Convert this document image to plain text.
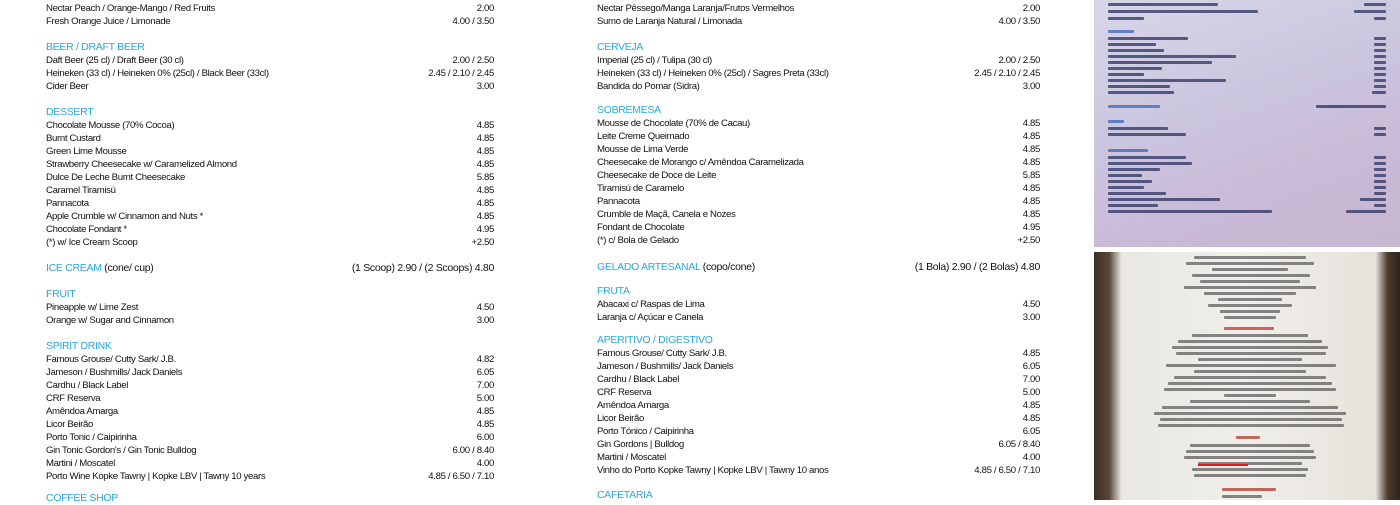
Nectar Peach / Orange-Mango / Red Fruits	2.00
Fresh Orange Juice / Limonade	4.00 / 3.50
BEER / DRAFT BEER
Daft Beer (25 cl) / Draft Beer (30 cl)	2.00 / 2.50
Heineken (33 cl) / Heineken 0% (25cl) / Black Beer (33cl)	2.45 / 2.10 / 2.45
Cider Beer	3.00
DESSERT
Chocolate Mousse (70% Cocoa)	4.85
Burnt Custard	4.85
Green Lime Mousse	4.85
Strawberry Cheesecake w/ Caramelized Almond	4.85
Dulce De Leche Burnt Cheesecake	5.85
Caramel Tiramisú	4.85
Pannacota	4.85
Apple Crumble w/ Cinnamon and Nuts *	4.85
Chocolate Fondant *	4.95
(*) w/ Ice Cream Scoop	+2.50
ICE CREAM (cone/ cup)	(1 Scoop) 2.90 / (2 Scoops) 4.80
FRUIT
Pineapple w/ Lime Zest	4.50
Orange w/ Sugar and Cinnamon	3.00
SPIRIT DRINK
Famous Grouse/ Cutty Sark/ J.B.	4.82
Jameson / Bushmills/ Jack Daniels	6.05
Cardhu / Black Label	7.00
CRF Reserva	5.00
Amêndoa Amarga	4.85
Licor Beirão	4.85
Porto Tonic / Caipirinha	6.00
Gin Tonic Gordon's / Gin Tonic Bulldog	6.00 / 8.40
Martini / Moscatel	4.00
Porto Wine Kopke Tawny | Kopke LBV | Tawny 10 years	4.85 / 6.50 / 7.10
COFFEE SHOP
Nectar Pêssego/Manga Laranja/Frutos Vermelhos	2.00
Sumo de Laranja Natural / Limonada	4.00 / 3.50
CERVEJA
Imperial (25 cl) / Tulipa (30 cl)	2.00 / 2.50
Heineken (33 cl) / Heineken 0% (25cl) / Sagres Preta (33cl)	2.45 / 2.10 / 2.45
Bandida do Pomar (Sidra)	3.00
SOBREMESA
Mousse de Chocolate (70% de Cacau)	4.85
Leite Creme Queimado	4.85
Mousse de Lima Verde	4.85
Cheesecake de Morango c/ Amêndoa Caramelizada	4.85
Cheesecake de Doce de Leite	5.85
Tiramisú de Caramelo	4.85
Pannacota	4.85
Crumble de Maçã, Canela e Nozes	4.85
Fondant de Chocolate	4.95
(*) c/ Bola de Gelado	+2.50
GELADO ARTESANAL (copo/cone)	(1 Bola) 2.90 / (2 Bolas) 4.80
FRUTA
Abacaxi c/ Raspas de Lima	4.50
Laranja c/ Açúcar e Canela	3.00
APERITIVO / DIGESTIVO
Famous Grouse/ Cutty Sark/ J.B.	4.85
Jameson / Bushmills/ Jack Daniels	6.05
Cardhu / Black Label	7.00
CRF Reserva	5.00
Amêndoa Amarga	4.85
Licor Beirão	4.85
Porto Tónico / Caipirinha	6.05
Gin Gordons | Bulldog	6.05 / 8.40
Martini / Moscatel	4.00
Vinho do Porto Kopke Tawny | Kopke LBV | Tawny 10 anos	4.85 / 6.50 / 7.10
CAFETARIA
